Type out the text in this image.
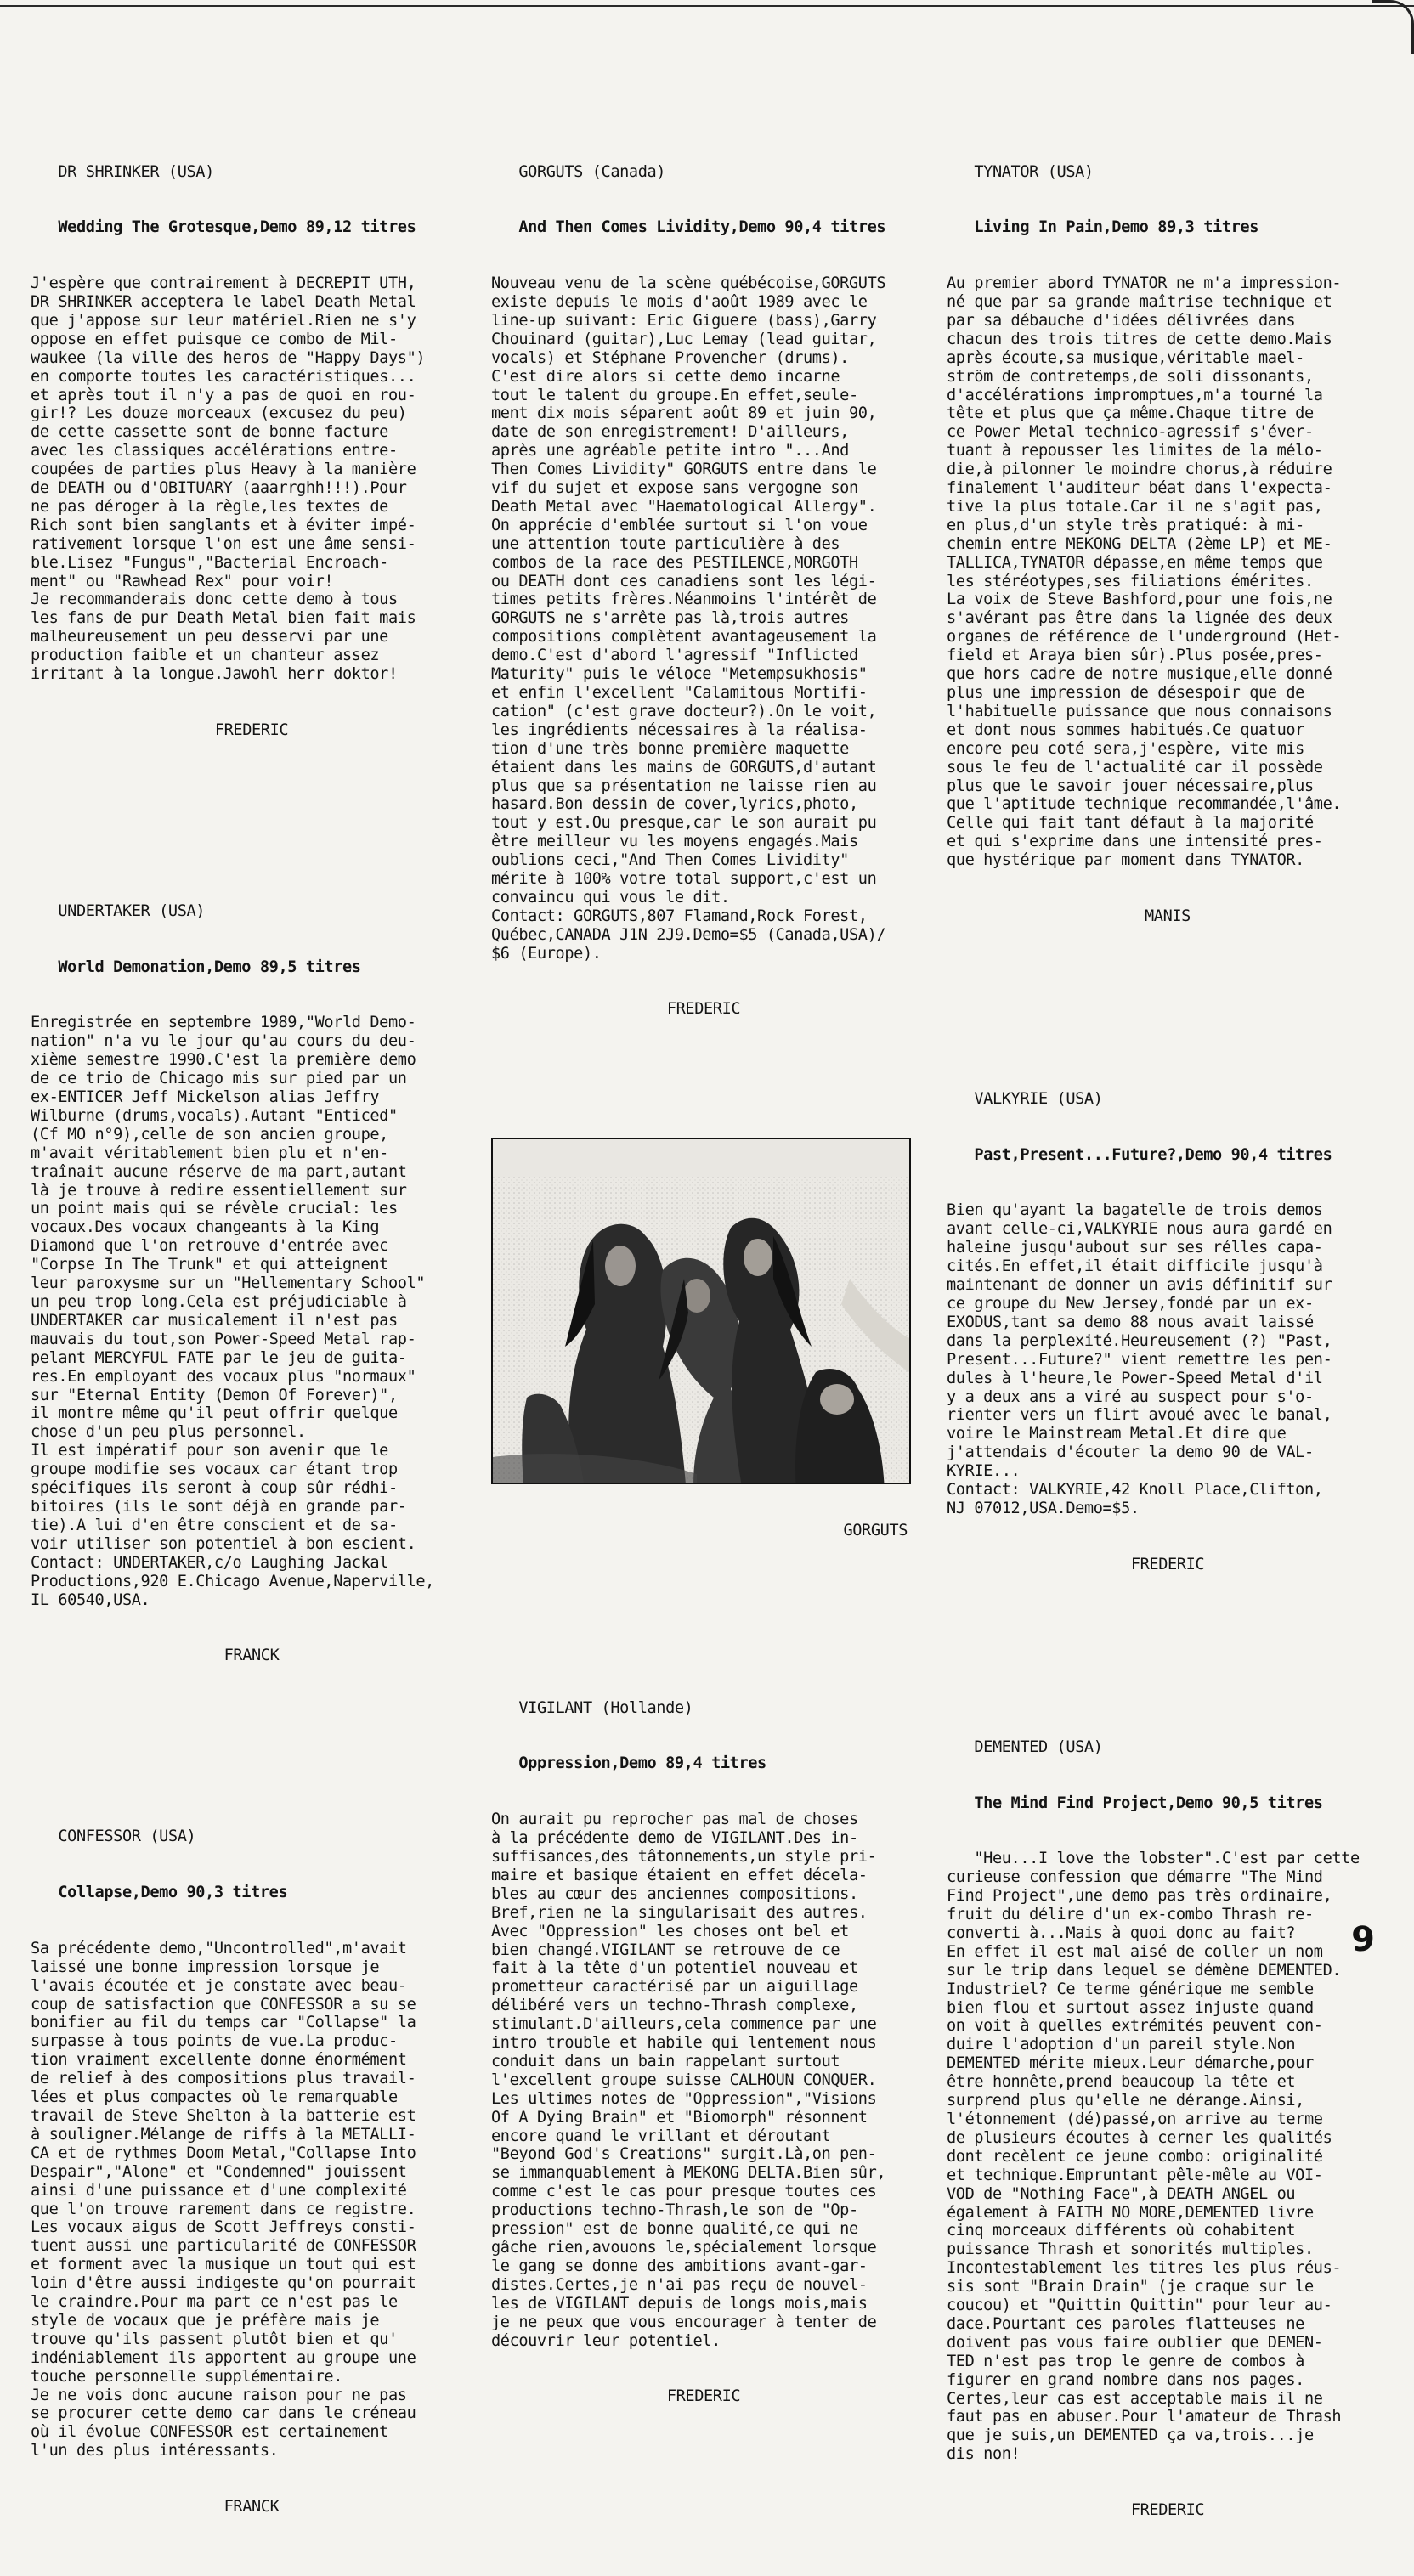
DR SHRINKER (USA)

Wedding The Grotesque,Demo 89,12 titres

J'espère que contrairement à DECREPIT UTH,
DR SHRINKER acceptera le label Death Metal
que j'appose sur leur matériel.Rien ne s'y
oppose en effet puisque ce combo de Mil-
waukee (la ville des heros de "Happy Days")
en comporte toutes les caractéristiques...
et après tout il n'y a pas de quoi en rou-
gir!? Les douze morceaux (excusez du peu)
de cette cassette sont de bonne facture
avec les classiques accélérations entre-
coupées de parties plus Heavy à la manière
de DEATH ou d'OBITUARY (aaarrghh!!!).Pour
ne pas déroger à la règle,les textes de
Rich sont bien sanglants et à éviter impé-
rativement lorsque l'on est une âme sensi-
ble.Lisez "Fungus","Bacterial Encroach-
ment" ou "Rawhead Rex" pour voir!
Je recommanderais donc cette demo à tous
les fans de pur Death Metal bien fait mais
malheureusement un peu desservi par une
production faible et un chanteur assez
irritant à la longue.Jawohl herr doktor!

FREDERIC

UNDERTAKER (USA)

World Demonation,Demo 89,5 titres

Enregistrée en septembre 1989,"World Demo-
nation" n'a vu le jour qu'au cours du deu-
xième semestre 1990.C'est la première demo
de ce trio de Chicago mis sur pied par un
ex-ENTICER Jeff Mickelson alias Jeffry
Wilburne (drums,vocals).Autant "Enticed"
(Cf MO n°9),celle de son ancien groupe,
m'avait véritablement bien plu et n'en-
traînait aucune réserve de ma part,autant
là je trouve à redire essentiellement sur
un point mais qui se révèle crucial: les
vocaux.Des vocaux changeants à la King
Diamond que l'on retrouve d'entrée avec
"Corpse In The Trunk" et qui atteignent
leur paroxysme sur un "Hellementary School"
un peu trop long.Cela est préjudiciable à
UNDERTAKER car musicalement il n'est pas
mauvais du tout,son Power-Speed Metal rap-
pelant MERCYFUL FATE par le jeu de guita-
res.En employant des vocaux plus "normaux"
sur "Eternal Entity (Demon Of Forever)",
il montre même qu'il peut offrir quelque
chose d'un peu plus personnel.
Il est impératif pour son avenir que le
groupe modifie ses vocaux car étant trop
spécifiques ils seront à coup sûr rédhi-
bitoires (ils le sont déjà en grande par-
tie).A lui d'en être conscient et de sa-
voir utiliser son potentiel à bon escient.
Contact: UNDERTAKER,c/o Laughing Jackal
Productions,920 E.Chicago Avenue,Naperville,
IL 60540,USA.

FRANCK

CONFESSOR (USA)

Collapse,Demo 90,3 titres

Sa précédente demo,"Uncontrolled",m'avait
laissé une bonne impression lorsque je
l'avais écoutée et je constate avec beau-
coup de satisfaction que CONFESSOR a su se
bonifier au fil du temps car "Collapse" la
surpasse à tous points de vue.La produc-
tion vraiment excellente donne énormément
de relief à des compositions plus travail-
lées et plus compactes où le remarquable
travail de Steve Shelton à la batterie est
à souligner.Mélange de riffs à la METALLI-
CA et de rythmes Doom Metal,"Collapse Into
Despair","Alone" et "Condemned" jouissent
ainsi d'une puissance et d'une complexité
que l'on trouve rarement dans ce registre.
Les vocaux aigus de Scott Jeffreys consti-
tuent aussi une particularité de CONFESSOR
et forment avec la musique un tout qui est
loin d'être aussi indigeste qu'on pourrait
le craindre.Pour ma part ce n'est pas le
style de vocaux que je préfère mais je
trouve qu'ils passent plutôt bien et qu'
indéniablement ils apportent au groupe une
touche personnelle supplémentaire.
Je ne vois donc aucune raison pour ne pas
se procurer cette demo car dans le créneau
où il évolue CONFESSOR est certainement
l'un des plus intéressants.

FRANCK

GORGUTS (Canada)

And Then Comes Lividity,Demo 90,4 titres

Nouveau venu de la scène québécoise,GORGUTS
existe depuis le mois d'août 1989 avec le
line-up suivant: Eric Giguere (bass),Garry
Chouinard (guitar),Luc Lemay (lead guitar,
vocals) et Stéphane Provencher (drums).
C'est dire alors si cette demo incarne
tout le talent du groupe.En effet,seule-
ment dix mois séparent août 89 et juin 90,
date de son enregistrement! D'ailleurs,
après une agréable petite intro "...And
Then Comes Lividity" GORGUTS entre dans le
vif du sujet et expose sans vergogne son
Death Metal avec "Haematological Allergy".
On apprécie d'emblée surtout si l'on voue
une attention toute particulière à des
combos de la race des PESTILENCE,MORGOTH
ou DEATH dont ces canadiens sont les légi-
times petits frères.Néanmoins l'intérêt de
GORGUTS ne s'arrête pas là,trois autres
compositions complètent avantageusement la
demo.C'est d'abord l'agressif "Inflicted
Maturity" puis le véloce "Metempsukhosis"
et enfin l'excellent "Calamitous Mortifi-
cation" (c'est grave docteur?).On le voit,
les ingrédients nécessaires à la réalisa-
tion d'une très bonne première maquette
étaient dans les mains de GORGUTS,d'autant
plus que sa présentation ne laisse rien au
hasard.Bon dessin de cover,lyrics,photo,
tout y est.Ou presque,car le son aurait pu
être meilleur vu les moyens engagés.Mais
oublions ceci,"And Then Comes Lividity"
mérite à 100% votre total support,c'est un
convaincu qui vous le dit.
Contact: GORGUTS,807 Flamand,Rock Forest,
Québec,CANADA J1N 2J9.Demo=$5 (Canada,USA)/
$6 (Europe).

FREDERIC

GORGUTS

VIGILANT (Hollande)

Oppression,Demo 89,4 titres

On aurait pu reprocher pas mal de choses
à la précédente demo de VIGILANT.Des in-
suffisances,des tâtonnements,un style pri-
maire et basique étaient en effet décela-
bles au cœur des anciennes compositions.
Bref,rien ne la singularisait des autres.
Avec "Oppression" les choses ont bel et
bien changé.VIGILANT se retrouve de ce
fait à la tête d'un potentiel nouveau et
prometteur caractérisé par un aiguillage
délibéré vers un techno-Thrash complexe,
stimulant.D'ailleurs,cela commence par une
intro trouble et habile qui lentement nous
conduit dans un bain rappelant surtout
l'excellent groupe suisse CALHOUN CONQUER.
Les ultimes notes de "Oppression","Visions
Of A Dying Brain" et "Biomorph" résonnent
encore quand le vrillant et déroutant
"Beyond God's Creations" surgit.Là,on pen-
se immanquablement à MEKONG DELTA.Bien sûr,
comme c'est le cas pour presque toutes ces
productions techno-Thrash,le son de "Op-
pression" est de bonne qualité,ce qui ne
gâche rien,avouons le,spécialement lorsque
le gang se donne des ambitions avant-gar-
distes.Certes,je n'ai pas reçu de nouvel-
les de VIGILANT depuis de longs mois,mais
je ne peux que vous encourager à tenter de
découvrir leur potentiel.

FREDERIC

TYNATOR (USA)

Living In Pain,Demo 89,3 titres

Au premier abord TYNATOR ne m'a impression-
né que par sa grande maîtrise technique et
par sa débauche d'idées délivrées dans
chacun des trois titres de cette demo.Mais
après écoute,sa musique,véritable mael-
ström de contretemps,de soli dissonants,
d'accélérations impromptues,m'a tourné la
tête et plus que ça même.Chaque titre de
ce Power Metal technico-agressif s'éver-
tuant à repousser les limites de la mélo-
die,à pilonner le moindre chorus,à réduire
finalement l'auditeur béat dans l'expecta-
tive la plus totale.Car il ne s'agit pas,
en plus,d'un style très pratiqué: à mi-
chemin entre MEKONG DELTA (2ème LP) et ME-
TALLICA,TYNATOR dépasse,en même temps que
les stéréotypes,ses filiations émérites.
La voix de Steve Bashford,pour une fois,ne
s'avérant pas être dans la lignée des deux
organes de référence de l'underground (Het-
field et Araya bien sûr).Plus posée,pres-
que hors cadre de notre musique,elle donné
plus une impression de désespoir que de
l'habituelle puissance que nous connaisons
et dont nous sommes habitués.Ce quatuor
encore peu coté sera,j'espère, vite mis
sous le feu de l'actualité car il possède
plus que le savoir jouer nécessaire,plus
que l'aptitude technique recommandée,l'âme.
Celle qui fait tant défaut à la majorité
et qui s'exprime dans une intensité pres-
que hystérique par moment dans TYNATOR.

MANIS

VALKYRIE (USA)

Past,Present...Future?,Demo 90,4 titres

Bien qu'ayant la bagatelle de trois demos
avant celle-ci,VALKYRIE nous aura gardé en
haleine jusqu'aubout sur ses rélles capa-
cités.En effet,il était difficile jusqu'à
maintenant de donner un avis définitif sur
ce groupe du New Jersey,fondé par un ex-
EXODUS,tant sa demo 88 nous avait laissé
dans la perplexité.Heureusement (?) "Past,
Present...Future?" vient remettre les pen-
dules à l'heure,le Power-Speed Metal d'il
y a deux ans a viré au suspect pour s'o-
rienter vers un flirt avoué avec le banal,
voire le Mainstream Metal.Et dire que
j'attendais d'écouter la demo 90 de VAL-
KYRIE...
Contact: VALKYRIE,42 Knoll Place,Clifton,
NJ 07012,USA.Demo=$5.

FREDERIC

DEMENTED (USA)

The Mind Find Project,Demo 90,5 titres

"Heu...I love the lobster".C'est par cette
curieuse confession que démarre "The Mind
Find Project",une demo pas très ordinaire,
fruit du délire d'un ex-combo Thrash re-
converti à...Mais à quoi donc au fait?
En effet il est mal aisé de coller un nom
sur le trip dans lequel se démène DEMENTED.
Industriel? Ce terme générique me semble
bien flou et surtout assez injuste quand
on voit à quelles extrémités peuvent con-
duire l'adoption d'un pareil style.Non
DEMENTED mérite mieux.Leur démarche,pour
être honnête,prend beaucoup la tête et
surprend plus qu'elle ne dérange.Ainsi,
l'étonnement (dé)passé,on arrive au terme
de plusieurs écoutes à cerner les qualités
dont recèlent ce jeune combo: originalité
et technique.Empruntant pêle-mêle au VOI-
VOD de "Nothing Face",à DEATH ANGEL ou
également à FAITH NO MORE,DEMENTED livre
cinq morceaux différents où cohabitent
puissance Thrash et sonorités multiples.
Incontestablement les titres les plus réus-
sis sont "Brain Drain" (je craque sur le
coucou) et "Quittin Quittin" pour leur au-
dace.Pourtant ces paroles flatteuses ne
doivent pas vous faire oublier que DEMEN-
TED n'est pas trop le genre de combos à
figurer en grand nombre dans nos pages.
Certes,leur cas est acceptable mais il ne
faut pas en abuser.Pour l'amateur de Thrash
que je suis,un DEMENTED ça va,trois...je
dis non!

FREDERIC

9
